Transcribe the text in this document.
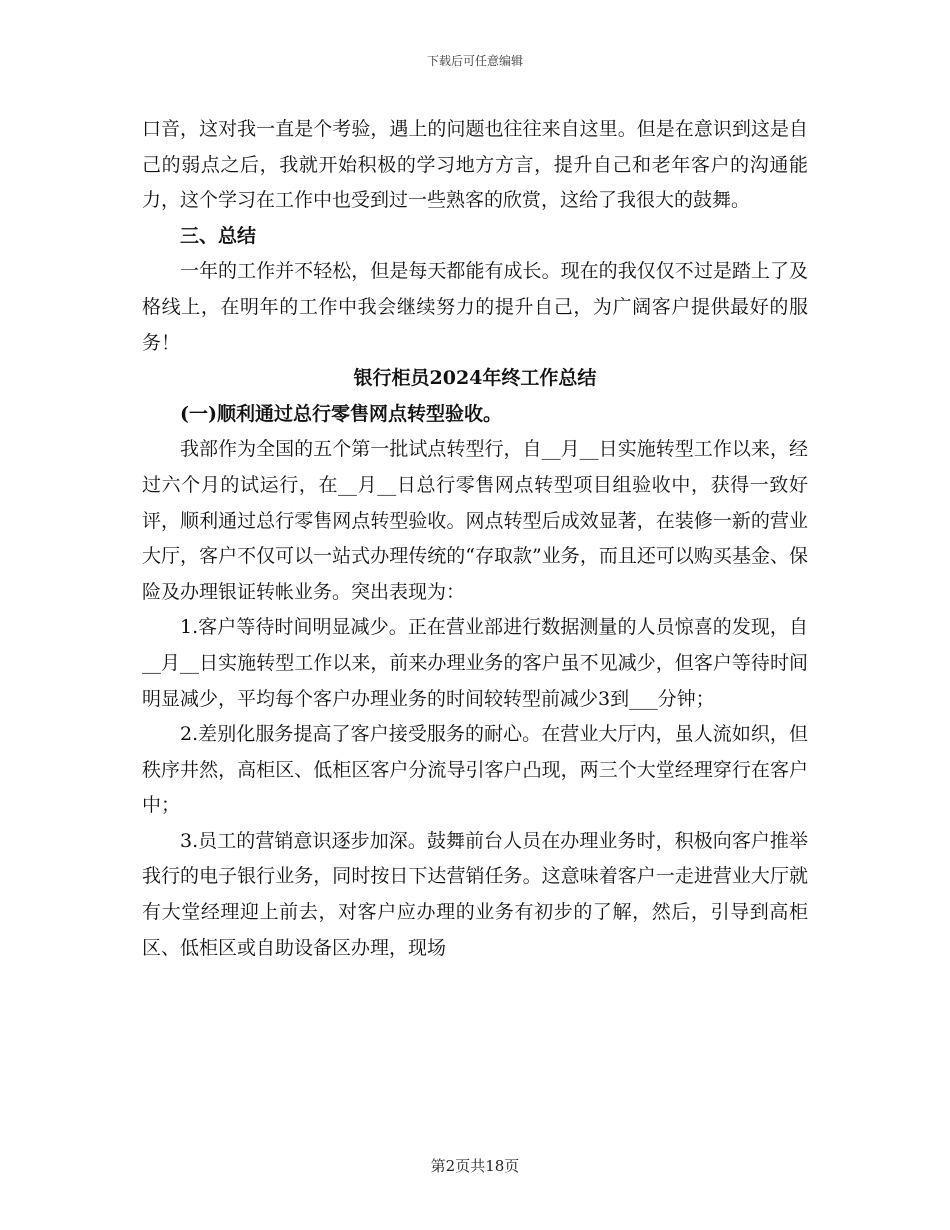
下载后可任意编辑

口音，这对我一直是个考验，遇上的问题也往往来自这里。但是在意识到这是自己的弱点之后，我就开始积极的学习地方方言，提升自己和老年客户的沟通能力，这个学习在工作中也受到过一些熟客的欣赏，这给了我很大的鼓舞。

三、总结

一年的工作并不轻松，但是每天都能有成长。现在的我仅仅不过是踏上了及格线上，在明年的工作中我会继续努力的提升自己，为广阔客户提供最好的服务！

银行柜员2024年终工作总结

(一)顺利通过总行零售网点转型验收。

我部作为全国的五个第一批试点转型行，自__月__日实施转型工作以来，经过六个月的试运行，在__月__日总行零售网点转型项目组验收中，获得一致好评，顺利通过总行零售网点转型验收。网点转型后成效显著，在装修一新的营业大厅，客户不仅可以一站式办理传统的“存取款”业务，而且还可以购买基金、保险及办理银证转帐业务。突出表现为：

1.客户等待时间明显减少。正在营业部进行数据测量的人员惊喜的发现，自__月__日实施转型工作以来，前来办理业务的客户虽不见减少，但客户等待时间明显减少，平均每个客户办理业务的时间较转型前减少3到___分钟；

2.差别化服务提高了客户接受服务的耐心。在营业大厅内，虽人流如织，但秩序井然，高柜区、低柜区客户分流导引客户凸现，两三个大堂经理穿行在客户中；

3.员工的营销意识逐步加深。鼓舞前台人员在办理业务时，积极向客户推举我行的电子银行业务，同时按日下达营销任务。这意味着客户一走进营业大厅就有大堂经理迎上前去，对客户应办理的业务有初步的了解，然后，引导到高柜区、低柜区或自助设备区办理，现场

第2页共18页
